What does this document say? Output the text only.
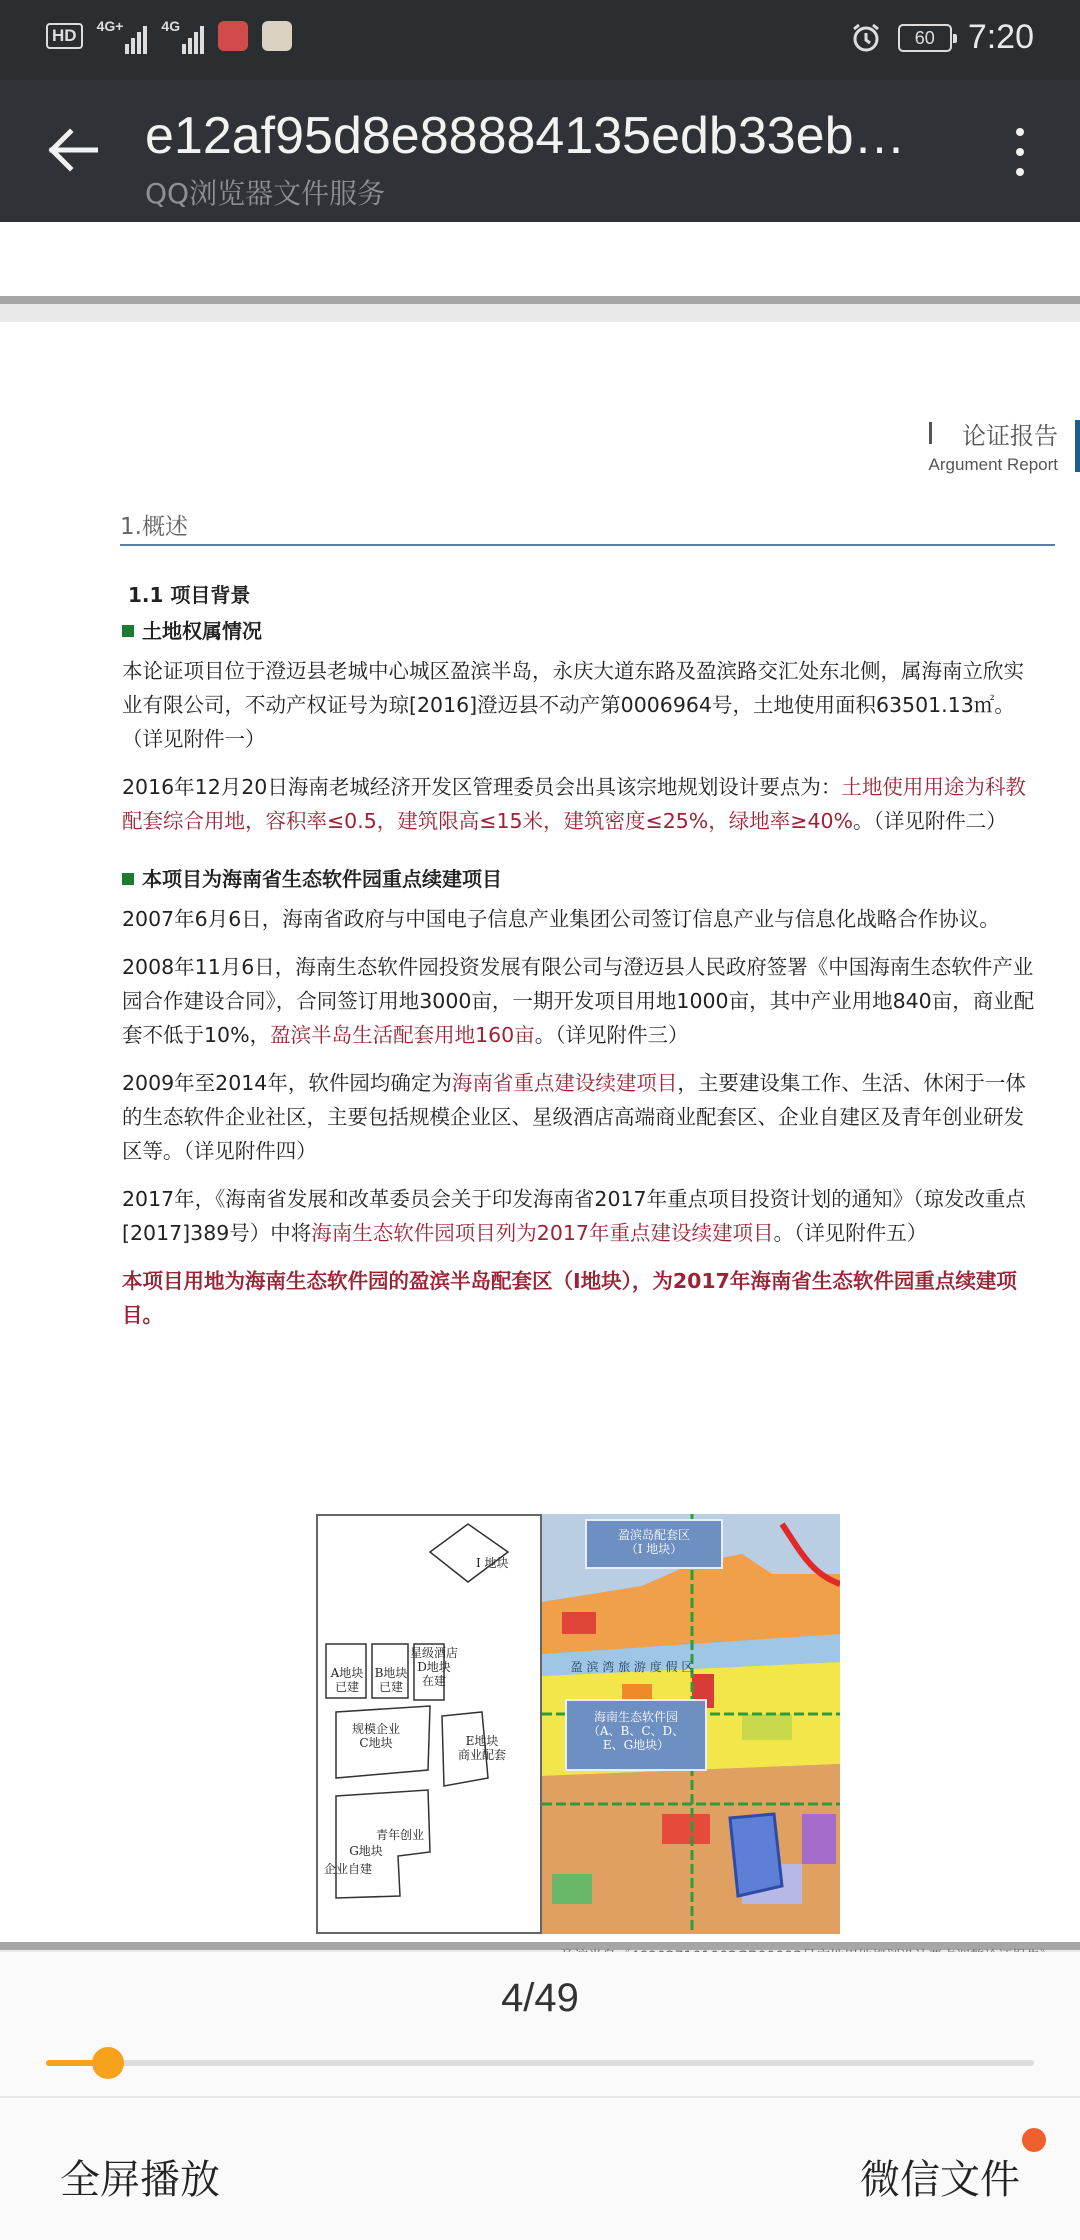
HD	4G+	4G
60 7:20
e12af95d8e88884135edb33eb…
QQ浏览器文件服务
论证报告
Argument Report
1.概述
1.1 项目背景
土地权属情况
本论证项目位于澄迈县老城中心城区盈滨半岛，永庆大道东路及盈滨路交汇处东北侧，属海南立欣实业有限公司，不动产权证号为琼[2016]澄迈县不动产第0006964号，土地使用面积63501.13㎡。（详见附件一）
2016年12月20日海南老城经济开发区管理委员会出具该宗地规划设计要点为：土地使用用途为科教配套综合用地，容积率≤0.5，建筑限高≤15米，建筑密度≤25%，绿地率≥40%。（详见附件二）
本项目为海南省生态软件园重点续建项目
2007年6月6日，海南省政府与中国电子信息产业集团公司签订信息产业与信息化战略合作协议。
2008年11月6日，海南生态软件园投资发展有限公司与澄迈县人民政府签署《中国海南生态软件产业园合作建设合同》，合同签订用地3000亩，一期开发项目用地1000亩，其中产业用地840亩，商业配套不低于10%，盈滨半岛生活配套用地160亩。（详见附件三）
2009年至2014年，软件园均确定为海南省重点建设续建项目，主要建设集工作、生活、休闲于一体的生态软件企业社区，主要包括规模企业区、星级酒店高端商业配套区、企业自建区及青年创业研发区等。（详见附件四）
2017年，《海南省发展和改革委员会关于印发海南省2017年重点项目投资计划的通知》（琼发改重点[2017]389号）中将海南生态软件园项目列为2017年重点建设续建项目。（详见附件五）
本项目用地为海南生态软件园的盈滨半岛配套区（I地块），为2017年海南省生态软件园重点续建项目。
I 地块
A地块
已建
B地块
已建
星级酒店
D地块
在建
规模企业
C地块	E地块
商业配套
青年创业
G地块
企业自建
盈滨岛配套区
（I 地块）
盈 滨 湾 旅 游 度 假 区
海南生态软件园
（A、B、C、D、
E、G地块）
4/49
全屏播放	微信文件
